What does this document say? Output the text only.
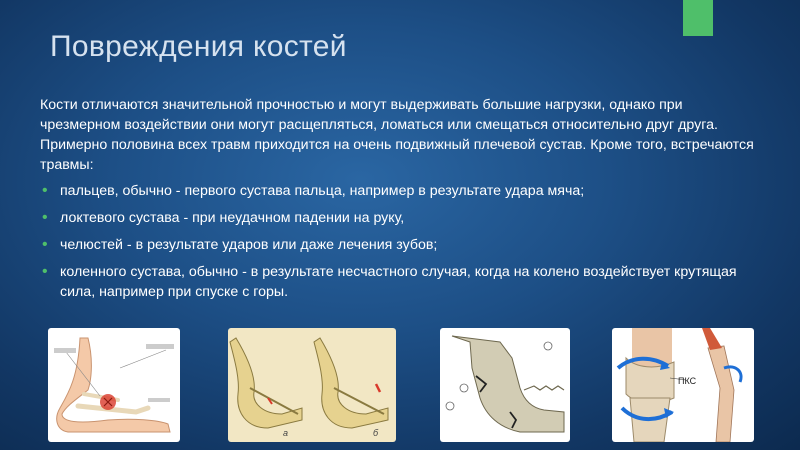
Повреждения костей

Кости отличаются значительной прочностью и могут выдерживать большие нагрузки, однако при чрезмерном воздействии они могут расщепляться, ломаться или смещаться относительно друг друга. Примерно половина всех травм приходится на очень подвижный плечевой сустав. Кроме того, встречаются травмы:

• пальцев, обычно - первого сустава пальца, например в результате удара мяча;
• локтевого сустава - при неудачном падении на руку,
• челюстей - в результате ударов или даже лечения зубов;
• коленного сустава, обычно - в результате несчастного случая, когда на колено воздействует крутящая сила, например при спуске с горы.
а	б
ПКС
